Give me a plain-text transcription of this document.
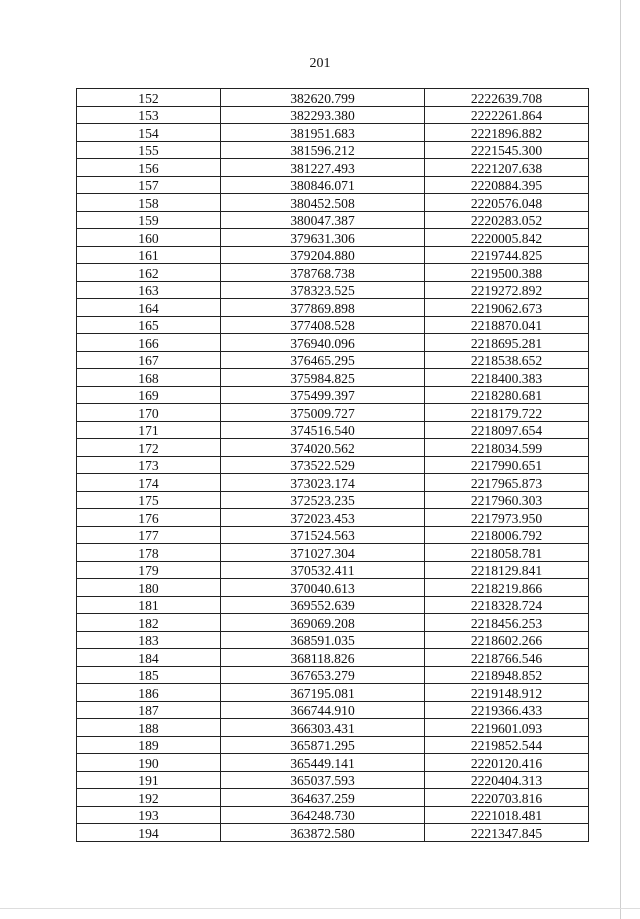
201
152	382620.799	2222639.708
153	382293.380	2222261.864
154	381951.683	2221896.882
155	381596.212	2221545.300
156	381227.493	2221207.638
157	380846.071	2220884.395
158	380452.508	2220576.048
159	380047.387	2220283.052
160	379631.306	2220005.842
161	379204.880	2219744.825
162	378768.738	2219500.388
163	378323.525	2219272.892
164	377869.898	2219062.673
165	377408.528	2218870.041
166	376940.096	2218695.281
167	376465.295	2218538.652
168	375984.825	2218400.383
169	375499.397	2218280.681
170	375009.727	2218179.722
171	374516.540	2218097.654
172	374020.562	2218034.599
173	373522.529	2217990.651
174	373023.174	2217965.873
175	372523.235	2217960.303
176	372023.453	2217973.950
177	371524.563	2218006.792
178	371027.304	2218058.781
179	370532.411	2218129.841
180	370040.613	2218219.866
181	369552.639	2218328.724
182	369069.208	2218456.253
183	368591.035	2218602.266
184	368118.826	2218766.546
185	367653.279	2218948.852
186	367195.081	2219148.912
187	366744.910	2219366.433
188	366303.431	2219601.093
189	365871.295	2219852.544
190	365449.141	2220120.416
191	365037.593	2220404.313
192	364637.259	2220703.816
193	364248.730	2221018.481
194	363872.580	2221347.845
